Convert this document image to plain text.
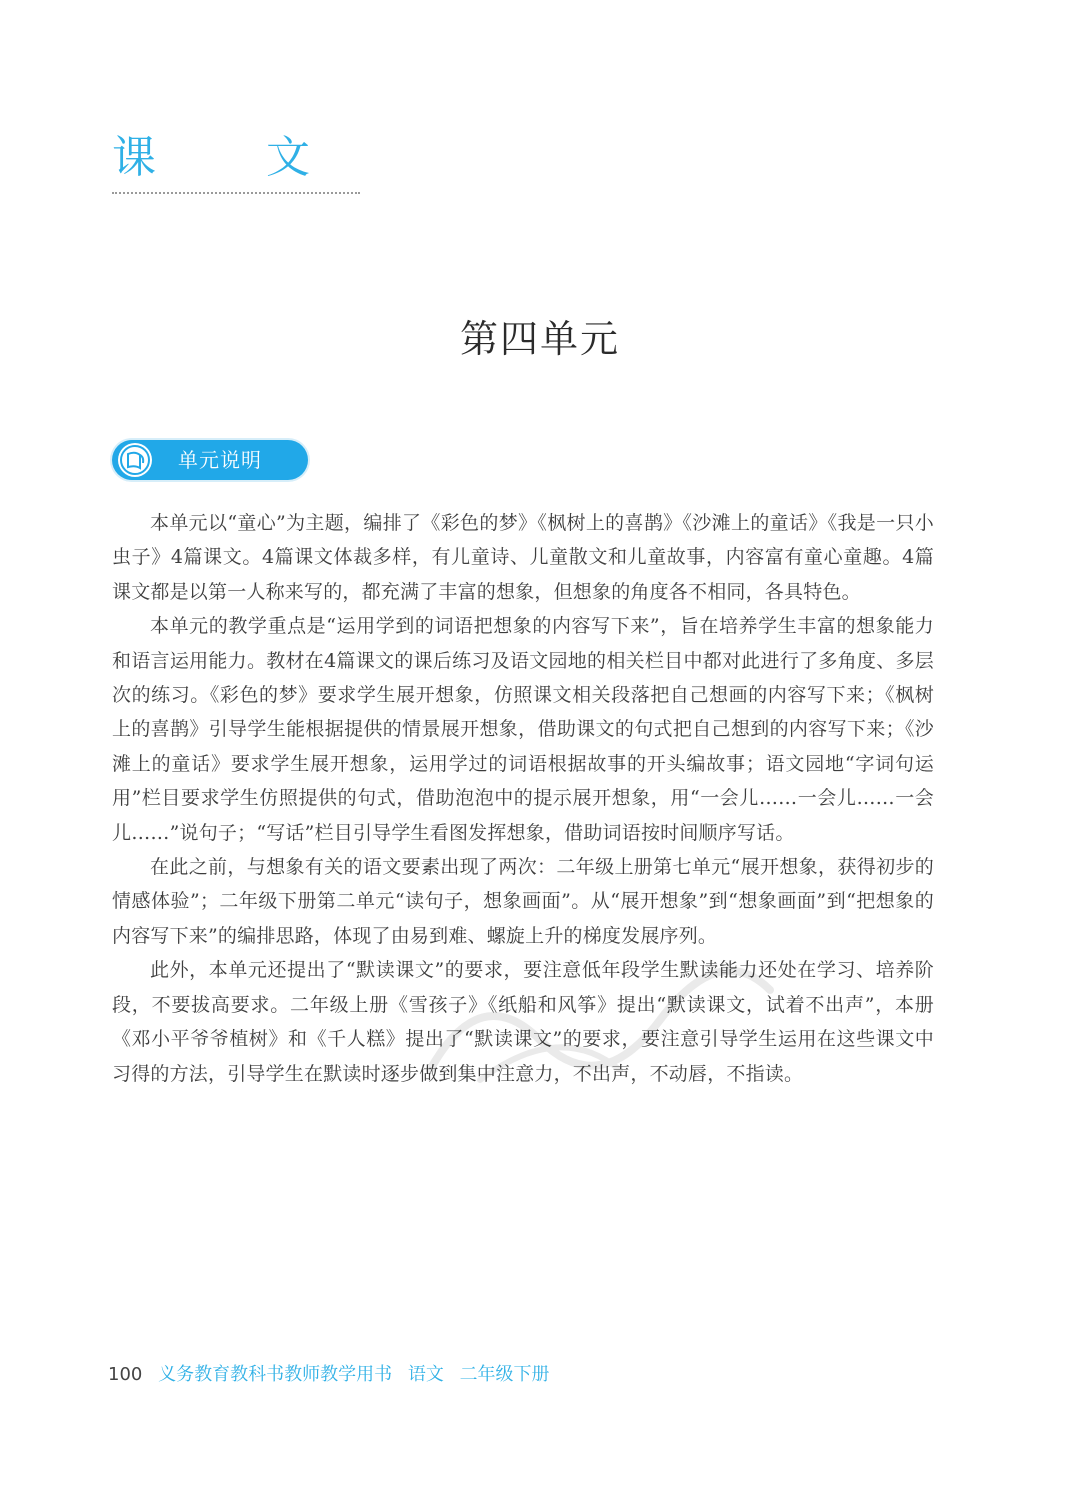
课 文
第四单元
单元说明

本单元以“童心”为主题，编排了《彩色的梦》《枫树上的喜鹊》《沙滩上的童话》《我是一只小虫子》4篇课文。4篇课文体裁多样，有儿童诗、儿童散文和儿童故事，内容富有童心童趣。4篇课文都是以第一人称来写的，都充满了丰富的想象，但想象的角度各不相同，各具特色。

本单元的教学重点是“运用学到的词语把想象的内容写下来”，旨在培养学生丰富的想象能力和语言运用能力。教材在4篇课文的课后练习及语文园地的相关栏目中都对此进行了多角度、多层次的练习。《彩色的梦》要求学生展开想象，仿照课文相关段落把自己想画的内容写下来；《枫树上的喜鹊》引导学生能根据提供的情景展开想象，借助课文的句式把自己想到的内容写下来；《沙滩上的童话》要求学生展开想象，运用学过的词语根据故事的开头编故事；语文园地“字词句运用”栏目要求学生仿照提供的句式，借助泡泡中的提示展开想象，用“一会儿……一会儿……一会儿……”说句子；“写话”栏目引导学生看图发挥想象，借助词语按时间顺序写话。

在此之前，与想象有关的语文要素出现了两次：二年级上册第七单元“展开想象，获得初步的情感体验”；二年级下册第二单元“读句子，想象画面”。从“展开想象”到“想象画面”到“把想象的内容写下来”的编排思路，体现了由易到难、螺旋上升的梯度发展序列。

此外，本单元还提出了“默读课文”的要求，要注意低年段学生默读能力还处在学习、培养阶段，不要拔高要求。二年级上册《雪孩子》《纸船和风筝》提出“默读课文，试着不出声”，本册《邓小平爷爷植树》和《千人糕》提出了“默读课文”的要求，要注意引导学生运用在这些课文中习得的方法，引导学生在默读时逐步做到集中注意力，不出声，不动唇，不指读。

100 义务教育教科书教师教学用书 语文 二年级下册
